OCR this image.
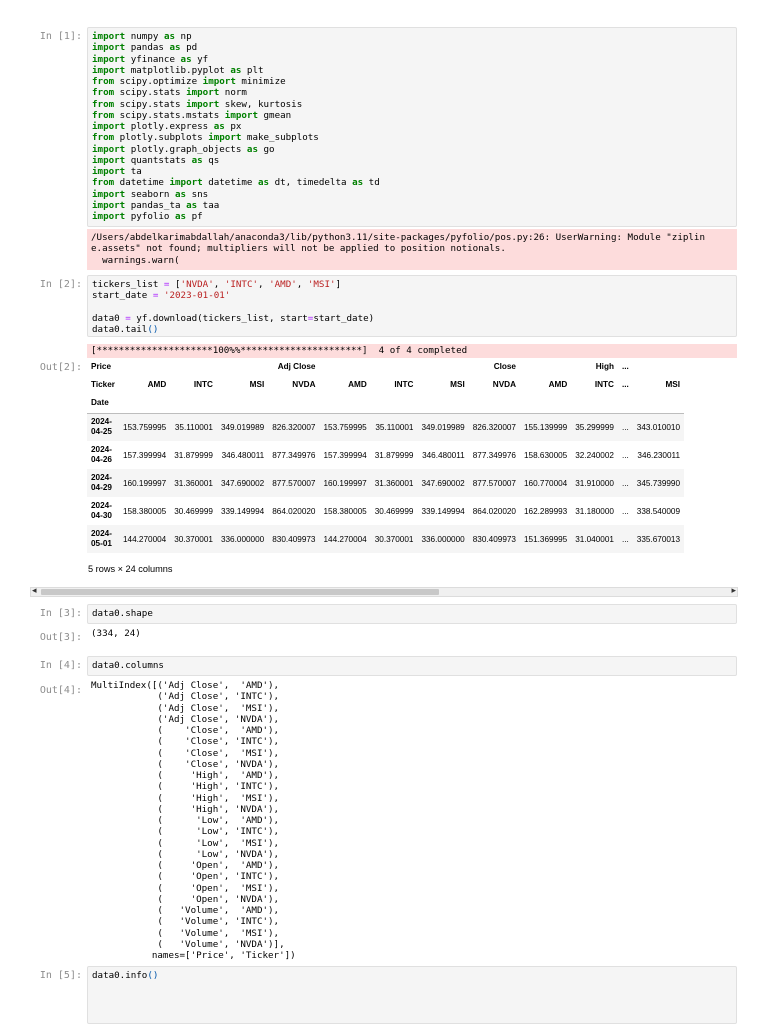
In [1]:	import numpy as np
import pandas as pd
import yfinance as yf
import matplotlib.pyplot as plt
from scipy.optimize import minimize
from scipy.stats import norm
from scipy.stats import skew, kurtosis
from scipy.stats.mstats import gmean
import plotly.express as px
from plotly.subplots import make_subplots
import plotly.graph_objects as go
import quantstats as qs
import ta
from datetime import datetime as dt, timedelta as td
import seaborn as sns
import pandas_ta as taa
import pyfolio as pf
/Users/abdelkarimabdallah/anaconda3/lib/python3.11/site-packages/pyfolio/pos.py:26: UserWarning: Module "ziplin
e.assets" not found; multipliers will not be applied to position notionals.
warnings.warn(
In [2]:	tickers_list = ['NVDA', 'INTC', 'AMD', 'MSI']
start_date = '2023-01-01'

data0 = yf.download(tickers_list, start=start_date)
data0.tail()
[*********************100%%**********************]  4 of 4 completed
Out[2]:	Price				Adj Close				Close		High	...	
Ticker	AMD	INTC	MSI	NVDA	AMD	INTC	MSI	NVDA	AMD	INTC	...	MSI
Date												
2024-
04-25	153.759995	35.110001	349.019989	826.320007	153.759995	35.110001	349.019989	826.320007	155.139999	35.299999	...	343.010010
2024-
04-26	157.399994	31.879999	346.480011	877.349976	157.399994	31.879999	346.480011	877.349976	158.630005	32.240002	...	346.230011
2024-
04-29	160.199997	31.360001	347.690002	877.570007	160.199997	31.360001	347.690002	877.570007	160.770004	31.910000	...	345.739990
2024-
04-30	158.380005	30.469999	339.149994	864.020020	158.380005	30.469999	339.149994	864.020020	162.289993	31.180000	...	338.540009
2024-
05-01	144.270004	30.370001	336.000000	830.409973	144.270004	30.370001	336.000000	830.409973	151.369995	31.040001	...	335.670013
5 rows × 24 columns
◂	▸
In [3]:	data0.shape
Out[3]: (334, 24)
In [4]:	data0.columns
Out[4]: MultiIndex([('Adj Close',  'AMD'),
('Adj Close', 'INTC'),
('Adj Close',  'MSI'),
('Adj Close', 'NVDA'),
(    'Close',  'AMD'),
(    'Close', 'INTC'),
(    'Close',  'MSI'),
(    'Close', 'NVDA'),
(     'High',  'AMD'),
(     'High', 'INTC'),
(     'High',  'MSI'),
(     'High', 'NVDA'),
(      'Low',  'AMD'),
(      'Low', 'INTC'),
(      'Low',  'MSI'),
(      'Low', 'NVDA'),
(     'Open',  'AMD'),
(     'Open', 'INTC'),
(     'Open',  'MSI'),
(     'Open', 'NVDA'),
(   'Volume',  'AMD'),
(   'Volume', 'INTC'),
(   'Volume',  'MSI'),
(   'Volume', 'NVDA')],
names=['Price', 'Ticker'])
In [5]:	data0.info()
